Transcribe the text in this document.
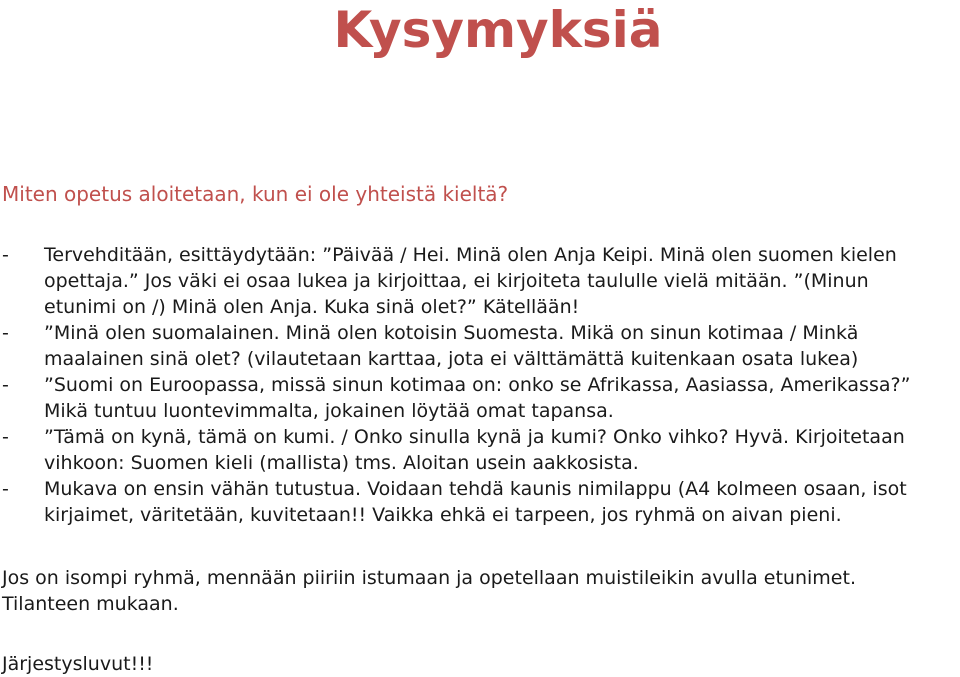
Kysymyksiä
Miten opetus aloitetaan, kun ei ole yhteistä kieltä?
- Tervehditään, esittäydytään: ”Päivää / Hei. Minä olen Anja Keipi. Minä olen suomen kielen
opettaja.” Jos väki ei osaa lukea ja kirjoittaa, ei kirjoiteta taululle vielä mitään. ”(Minun
etunimi on /) Minä olen Anja. Kuka sinä olet?” Kätellään!
- ”Minä olen suomalainen. Minä olen kotoisin Suomesta. Mikä on sinun kotimaa / Minkä
maalainen sinä olet? (vilautetaan karttaa, jota ei välttämättä kuitenkaan osata lukea)
- ”Suomi on Euroopassa, missä sinun kotimaa on: onko se Afrikassa, Aasiassa, Amerikassa?”
Mikä tuntuu luontevimmalta, jokainen löytää omat tapansa.
- ”Tämä on kynä, tämä on kumi. / Onko sinulla kynä ja kumi? Onko vihko? Hyvä. Kirjoitetaan
vihkoon: Suomen kieli (mallista) tms. Aloitan usein aakkosista.
- Mukava on ensin vähän tutustua. Voidaan tehdä kaunis nimilappu (A4 kolmeen osaan, isot
kirjaimet, väritetään, kuvitetaan!! Vaikka ehkä ei tarpeen, jos ryhmä on aivan pieni.
Jos on isompi ryhmä, mennään piiriin istumaan ja opetellaan muistileikin avulla etunimet.
Tilanteen mukaan.
Järjestysluvut!!!
